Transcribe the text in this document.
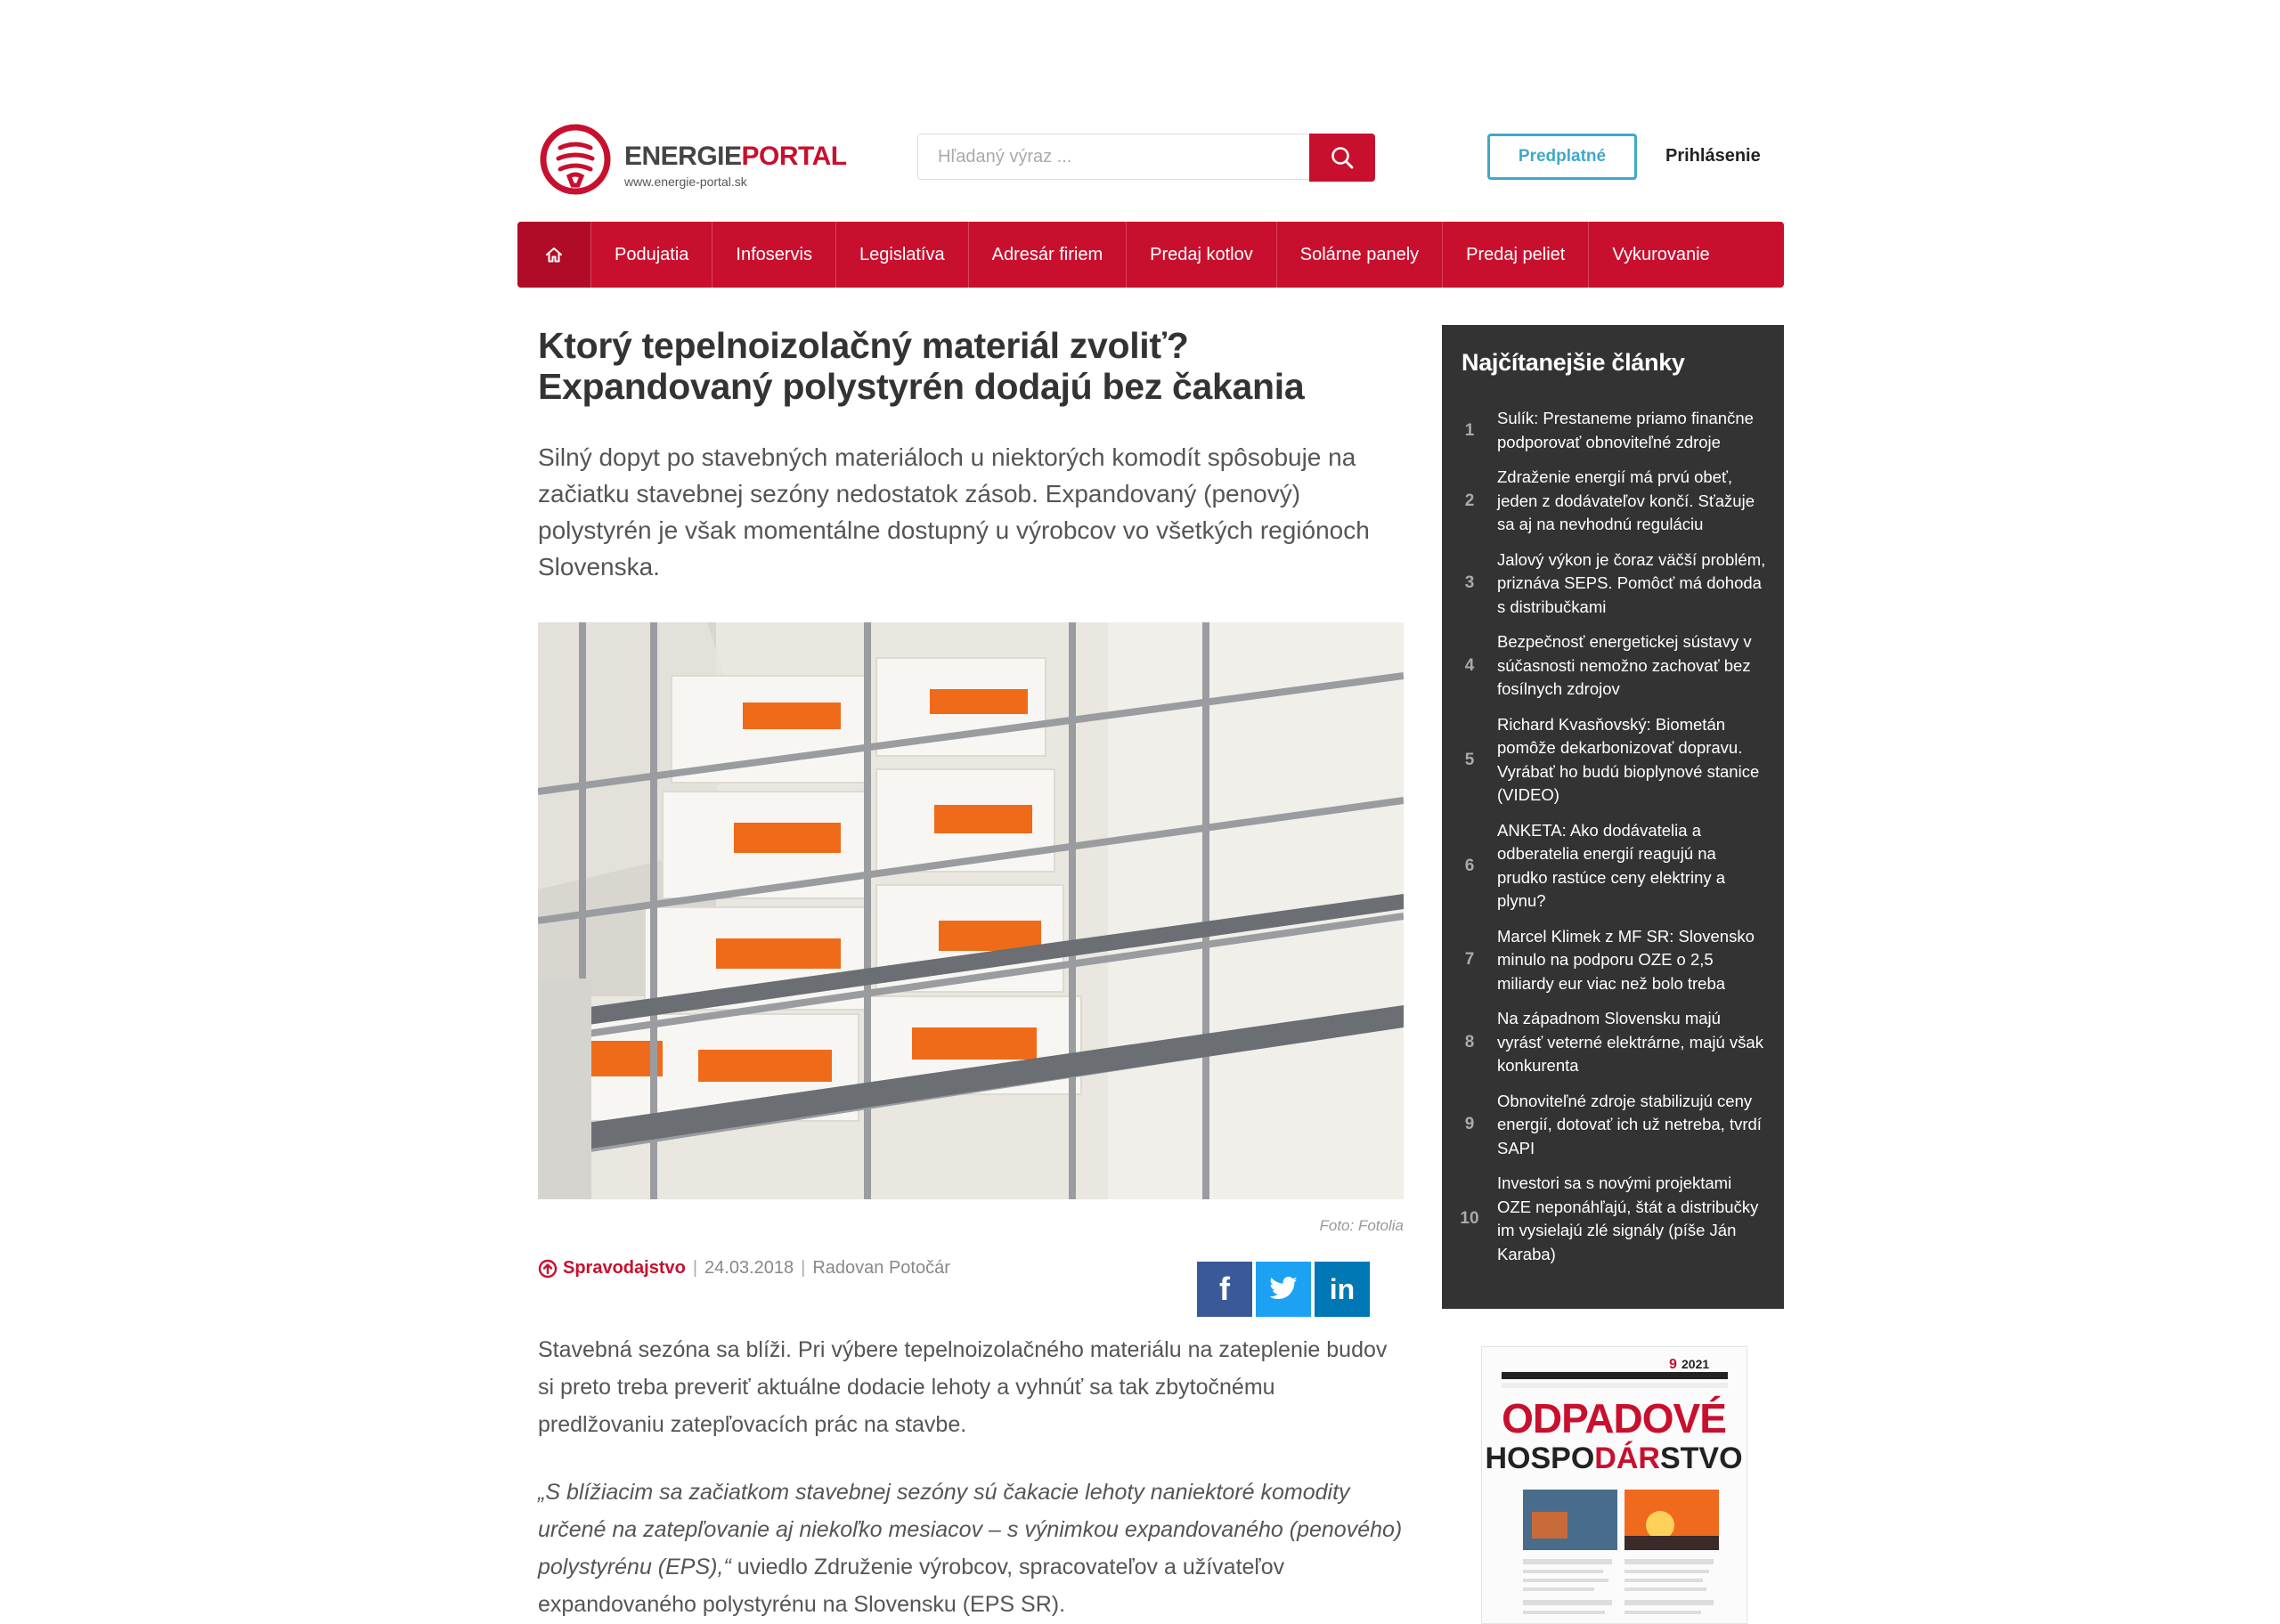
ENERGIEPORTAL
www.energie-portal.sk
Hľadaný výraz ...
Predplatné	Prihlásenie
Podujatia	Infoservis	Legislatíva	Adresár firiem	Predaj kotlov	Solárne panely	Predaj peliet	Vykurovanie
Ktorý tepelnoizolačný materiál zvoliť?
Expandovaný polystyrén dodajú bez čakania

Silný dopyt po stavebných materiáloch u niektorých komodít spôsobuje na začiatku stavebnej sezóny nedostatok zásob. Expandovaný (penový) polystyrén je však momentálne dostupný u výrobcov vo všetkých regiónoch Slovenska.

Foto: Fotolia
Spravodajstvo | 24.03.2018 | Radovan Potočár
f	in

Stavebná sezóna sa blíži. Pri výbere tepelnoizolačného materiálu na zateplenie budov si preto treba preveriť aktuálne dodacie lehoty a vyhnúť sa tak zbytočnému predlžovaniu zatepľovacích prác na stavbe.

„S blížiacim sa začiatkom stavebnej sezóny sú čakacie lehoty naniektoré komodity určené na zatepľovanie aj niekoľko mesiacov – s výnimkou expandovaného (penového) polystyrénu (EPS),“ uviedlo Združenie výrobcov, spracovateľov a užívateľov expandovaného polystyrénu na Slovensku (EPS SR).

Najčítanejšie články
1
Sulík: Prestaneme priamo finančne podporovať obnoviteľné zdroje
2
Zdraženie energií má prvú obeť, jeden z dodávateľov končí. Sťažuje sa aj na nevhodnú reguláciu
3
Jalový výkon je čoraz väčší problém, priznáva SEPS. Pomôcť má dohoda s distribučkami
4
Bezpečnosť energetickej sústavy v súčasnosti nemožno zachovať bez fosílnych zdrojov
5
Richard Kvasňovský: Biometán pomôže dekarbonizovať dopravu. Vyrábať ho budú bioplynové stanice (VIDEO)
6
ANKETA: Ako dodávatelia a odberatelia energií reagujú na prudko rastúce ceny elektriny a plynu?
7
Marcel Klimek z MF SR: Slovensko minulo na podporu OZE o 2,5 miliardy eur viac než bolo treba
8
Na západnom Slovensku majú vyrásť veterné elektrárne, majú však konkurenta
9
Obnoviteľné zdroje stabilizujú ceny energií, dotovať ich už netreba, tvrdí SAPI
10
Investori sa s novými projektami OZE neponáhľajú, štát a distribučky im vysielajú zlé signály (píše Ján Karaba)
9 2021
ODPADOVÉ
HOSPODÁRSTVO
